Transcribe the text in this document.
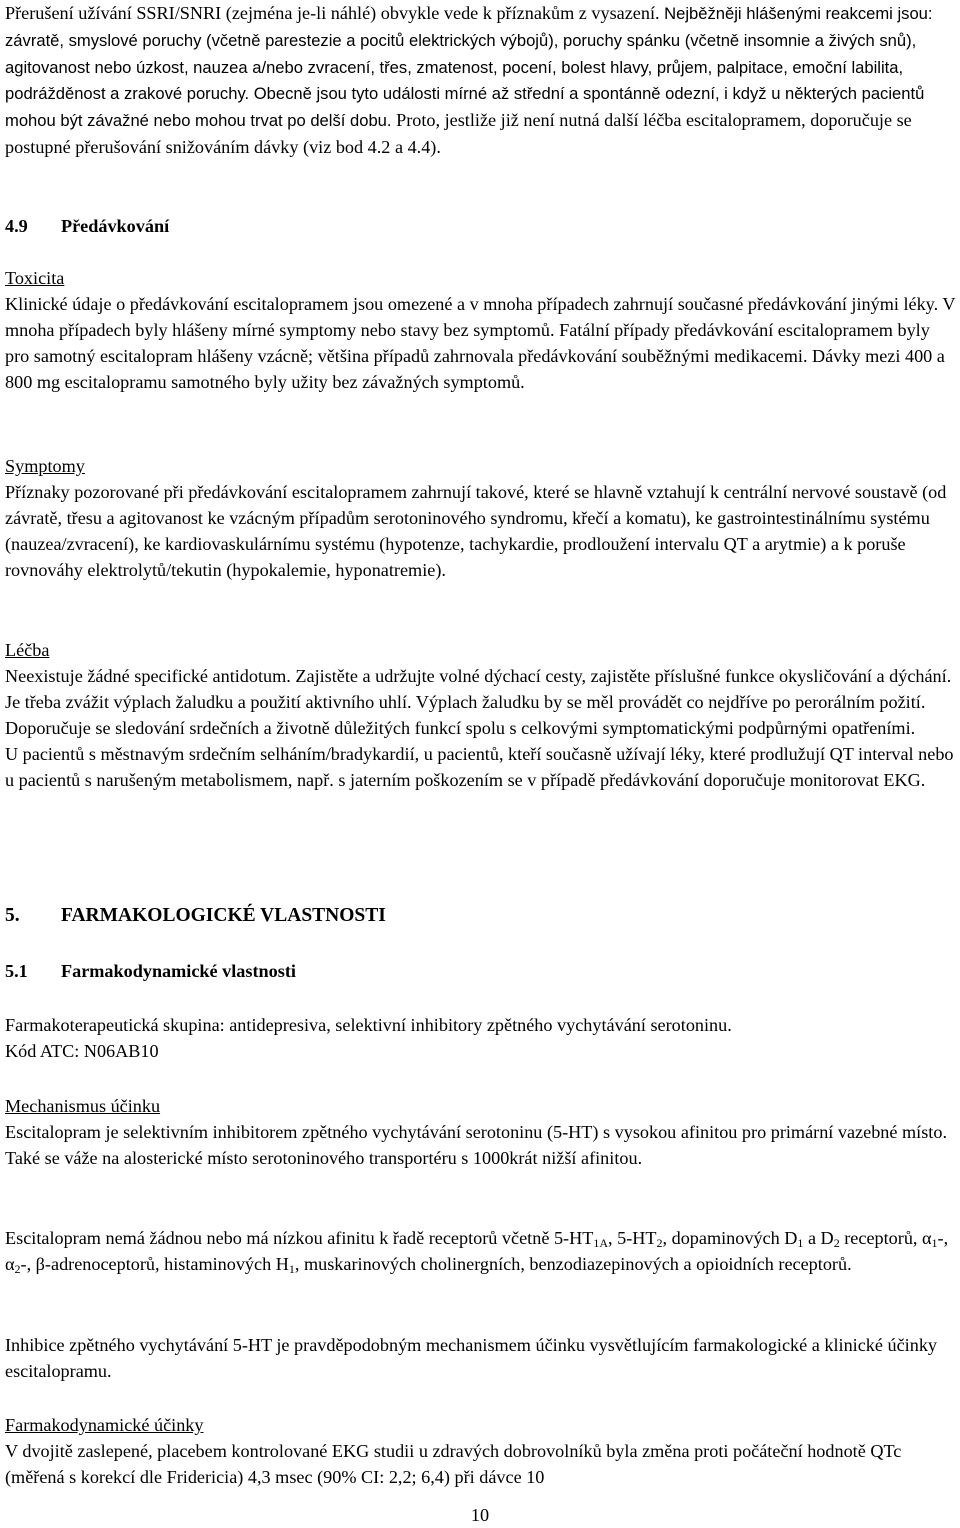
Přerušení užívání SSRI/SNRI (zejména je-li náhlé) obvykle vede k příznakům z vysazení. Nejběžněji hlášenými reakcemi jsou: závratě, smyslové poruchy (včetně parestezie a pocitů elektrických výbojů), poruchy spánku (včetně insomnie a živých snů), agitovanost nebo úzkost, nauzea a/nebo zvracení, třes, zmatenost, pocení, bolest hlavy, průjem, palpitace, emoční labilita, podrážděnost a zrakové poruchy. Obecně jsou tyto události mírné až střední a spontánně odezní, i když u některých pacientů mohou být závažné nebo mohou trvat po delší dobu. Proto, jestliže již není nutná další léčba escitalopramem, doporučuje se postupné přerušování snižováním dávky (viz bod 4.2 a 4.4).

4.9 Předávkování

Toxicita

Klinické údaje o předávkování escitalopramem jsou omezené a v mnoha případech zahrnují současné předávkování jinými léky. V mnoha případech byly hlášeny mírné symptomy nebo stavy bez symptomů. Fatální případy předávkování escitalopramem byly pro samotný escitalopram hlášeny vzácně; většina případů zahrnovala předávkování souběžnými medikacemi. Dávky mezi 400 a 800 mg escitalopramu samotného byly užity bez závažných symptomů.

Symptomy

Příznaky pozorované při předávkování escitalopramem zahrnují takové, které se hlavně vztahují k centrální nervové soustavě (od závratě, třesu a agitovanost ke vzácným případům serotoninového syndromu, křečí a komatu), ke gastrointestinálnímu systému (nauzea/zvracení), ke kardiovaskulárnímu systému (hypotenze, tachykardie, prodloužení intervalu QT a arytmie) a k poruše rovnováhy elektrolytů/tekutin (hypokalemie, hyponatremie).

Léčba

Neexistuje žádné specifické antidotum. Zajistěte a udržujte volné dýchací cesty, zajistěte příslušné funkce okysličování a dýchání. Je třeba zvážit výplach žaludku a použití aktivního uhlí. Výplach žaludku by se měl provádět co nejdříve po perorálním požití. Doporučuje se sledování srdečních a životně důležitých funkcí spolu s celkovými symptomatickými podpůrnými opatřeními.

U pacientů s městnavým srdečním selháním/bradykardií, u pacientů, kteří současně užívají léky, které prodlužují QT interval nebo u pacientů s narušeným metabolismem, např. s jaterním poškozením se v případě předávkování doporučuje monitorovat EKG.

5. FARMAKOLOGICKÉ VLASTNOSTI
5.1 Farmakodynamické vlastnosti

Farmakoterapeutická skupina: antidepresiva, selektivní inhibitory zpětného vychytávání serotoninu.

Kód ATC: N06AB10

Mechanismus účinku

Escitalopram je selektivním inhibitorem zpětného vychytávání serotoninu (5-HT) s vysokou afinitou pro primární vazebné místo. Také se váže na alosterické místo serotoninového transportéru s 1000krát nižší afinitou.

Escitalopram nemá žádnou nebo má nízkou afinitu k řadě receptorů včetně $5-HT_{1A}$, $5-HT_2$, dopaminových $D_1$ a $D_2$ receptorů, $\alpha_1-$, $\alpha_2-$, β-adrenoceptorů, histaminových $H_1$, muskarinových cholinergních, benzodiazepinových a opioidních receptorů.

Inhibice zpětného vychytávání 5-HT je pravděpodobným mechanismem účinku vysvětlujícím farmakologické a klinické účinky escitalopramu.

Farmakodynamické účinky

V dvojitě zaslepené, placebem kontrolované EKG studii u zdravých dobrovolníků byla změna proti počáteční hodnotě QTc (měřená s korekcí dle Fridericia) 4,3 msec (90% CI: 2,2; 6,4) při dávce 10

10
